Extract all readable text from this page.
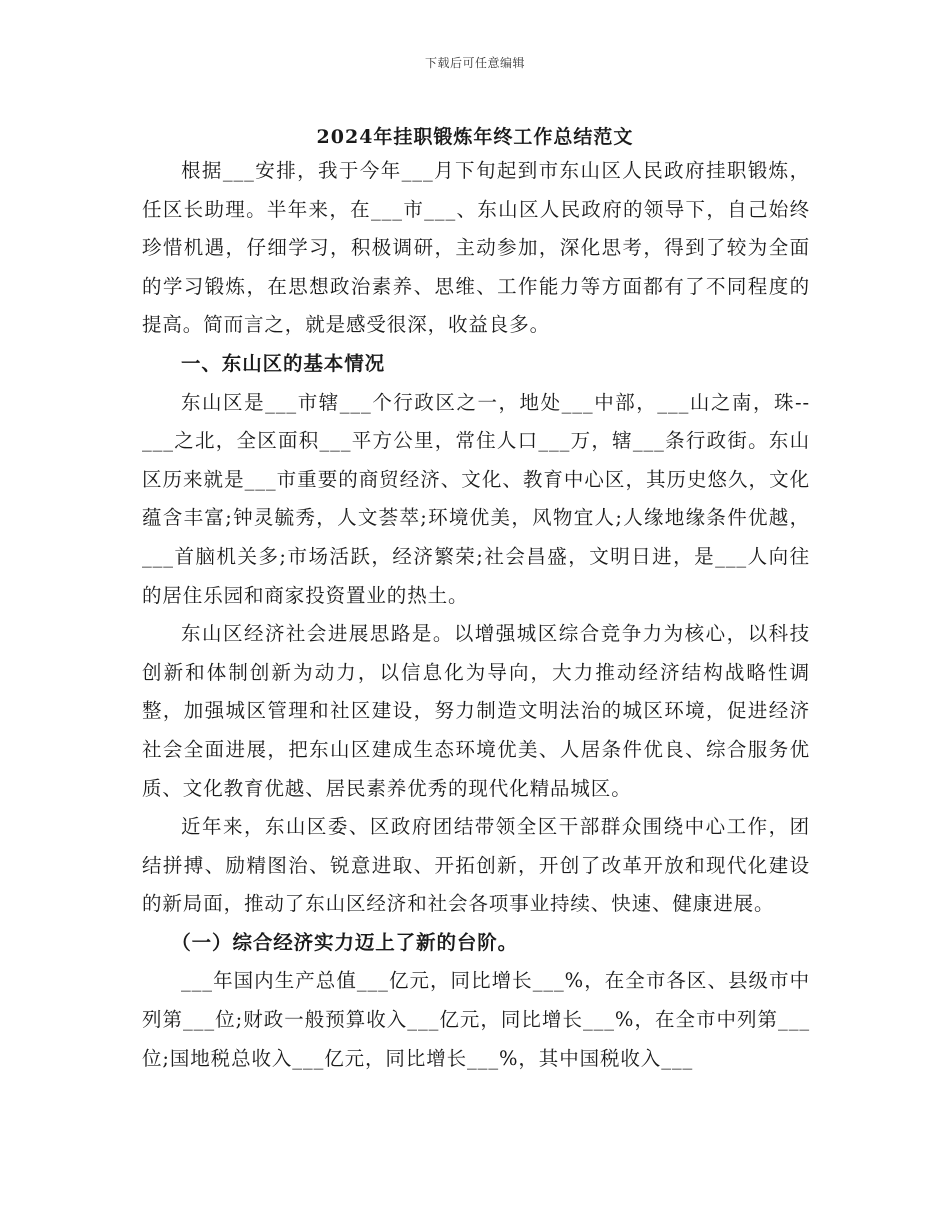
下载后可任意编辑
2024年挂职锻炼年终工作总结范文

根据___安排，我于今年___月下旬起到市东山区人民政府挂职锻炼，任区长助理。半年来，在___市___、东山区人民政府的领导下，自己始终珍惜机遇，仔细学习，积极调研，主动参加，深化思考，得到了较为全面的学习锻炼，在思想政治素养、思维、工作能力等方面都有了不同程度的提高。简而言之，就是感受很深，收益良多。

一、东山区的基本情况

东山区是___市辖___个行政区之一，地处___中部，___山之南，珠--___之北，全区面积___平方公里，常住人口___万，辖___条行政街。东山区历来就是___市重要的商贸经济、文化、教育中心区，其历史悠久，文化蕴含丰富;钟灵毓秀，人文荟萃;环境优美，风物宜人;人缘地缘条件优越，___首脑机关多;市场活跃，经济繁荣;社会昌盛，文明日进，是___人向往的居住乐园和商家投资置业的热土。

东山区经济社会进展思路是。以增强城区综合竞争力为核心，以科技创新和体制创新为动力，以信息化为导向，大力推动经济结构战略性调整，加强城区管理和社区建设，努力制造文明法治的城区环境，促进经济社会全面进展，把东山区建成生态环境优美、人居条件优良、综合服务优质、文化教育优越、居民素养优秀的现代化精品城区。

近年来，东山区委、区政府团结带领全区干部群众围绕中心工作，团结拼搏、励精图治、锐意进取、开拓创新，开创了改革开放和现代化建设的新局面，推动了东山区经济和社会各项事业持续、快速、健康进展。

（一）综合经济实力迈上了新的台阶。

___年国内生产总值___亿元，同比增长___%，在全市各区、县级市中列第___位;财政一般预算收入___亿元，同比增长___%，在全市中列第___位;国地税总收入___亿元，同比增长___%，其中国税收入___
